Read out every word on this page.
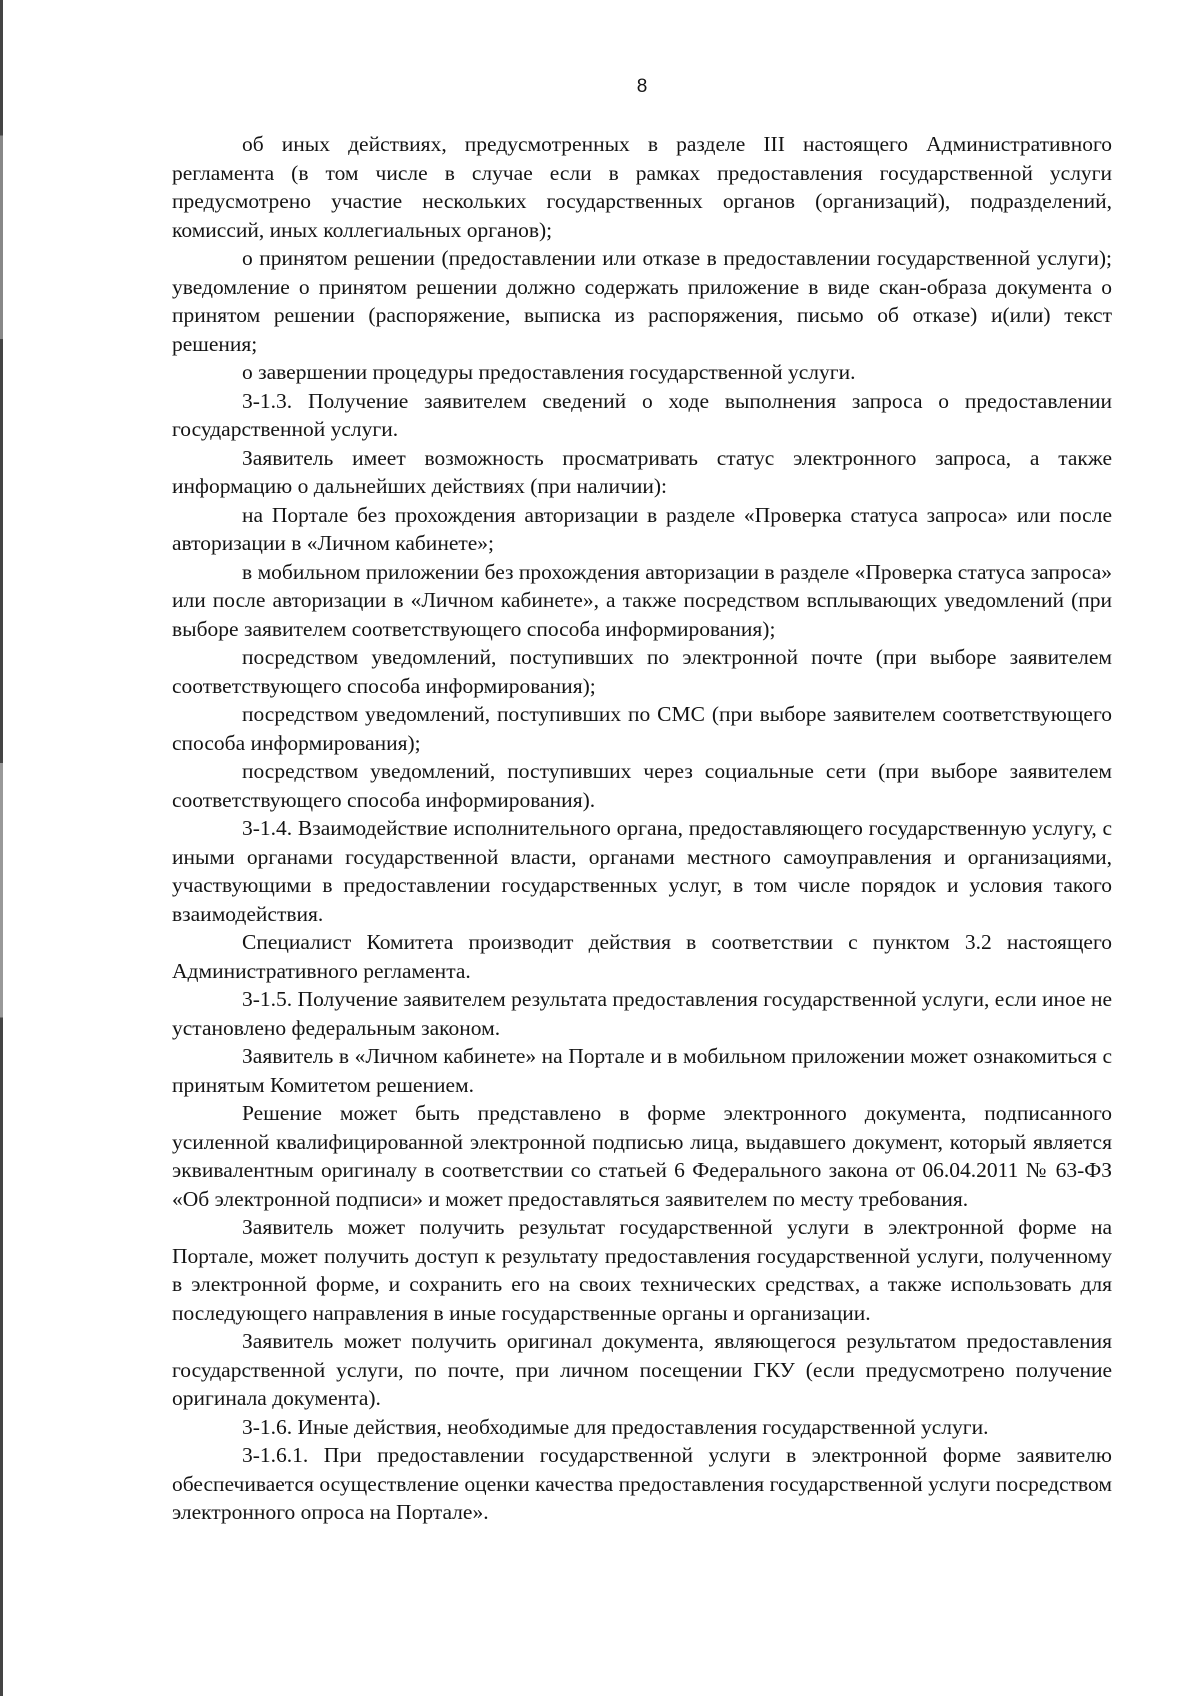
8

об иных действиях, предусмотренных в разделе III настоящего Административного регламента (в том числе в случае если в рамках предоставления государственной услуги предусмотрено участие нескольких государственных органов (организаций), подразделений, комиссий, иных коллегиальных органов);

о принятом решении (предоставлении или отказе в предоставлении государственной услуги); уведомление о принятом решении должно содержать приложение в виде скан-образа документа о принятом решении (распоряжение, выписка из распоряжения, письмо об отказе) и(или) текст решения;

о завершении процедуры предоставления государственной услуги.

3-1.3. Получение заявителем сведений о ходе выполнения запроса о предоставлении государственной услуги.

Заявитель имеет возможность просматривать статус электронного запроса, а также информацию о дальнейших действиях (при наличии):

на Портале без прохождения авторизации в разделе «Проверка статуса запроса» или после авторизации в «Личном кабинете»;

в мобильном приложении без прохождения авторизации в разделе «Проверка статуса запроса» или после авторизации в «Личном кабинете», а также посредством всплывающих уведомлений (при выборе заявителем соответствующего способа информирования);

посредством уведомлений, поступивших по электронной почте (при выборе заявителем соответствующего способа информирования);

посредством уведомлений, поступивших по СМС (при выборе заявителем соответствующего способа информирования);

посредством уведомлений, поступивших через социальные сети (при выборе заявителем соответствующего способа информирования).

3-1.4. Взаимодействие исполнительного органа, предоставляющего государственную услугу, с иными органами государственной власти, органами местного самоуправления и организациями, участвующими в предоставлении государственных услуг, в том числе порядок и условия такого взаимодействия.

Специалист Комитета производит действия в соответствии с пунктом 3.2 настоящего Административного регламента.

3-1.5. Получение заявителем результата предоставления государственной услуги, если иное не установлено федеральным законом.

Заявитель в «Личном кабинете» на Портале и в мобильном приложении может ознакомиться с принятым Комитетом решением.

Решение может быть представлено в форме электронного документа, подписанного усиленной квалифицированной электронной подписью лица, выдавшего документ, который является эквивалентным оригиналу в соответствии со статьей 6 Федерального закона от 06.04.2011 № 63-ФЗ «Об электронной подписи» и может предоставляться заявителем по месту требования.

Заявитель может получить результат государственной услуги в электронной форме на Портале, может получить доступ к результату предоставления государственной услуги, полученному в электронной форме, и сохранить его на своих технических средствах, а также использовать для последующего направления в иные государственные органы и организации.

Заявитель может получить оригинал документа, являющегося результатом предоставления государственной услуги, по почте, при личном посещении ГКУ (если предусмотрено получение оригинала документа).

3-1.6. Иные действия, необходимые для предоставления государственной услуги.

3-1.6.1. При предоставлении государственной услуги в электронной форме заявителю обеспечивается осуществление оценки качества предоставления государственной услуги посредством электронного опроса на Портале».
